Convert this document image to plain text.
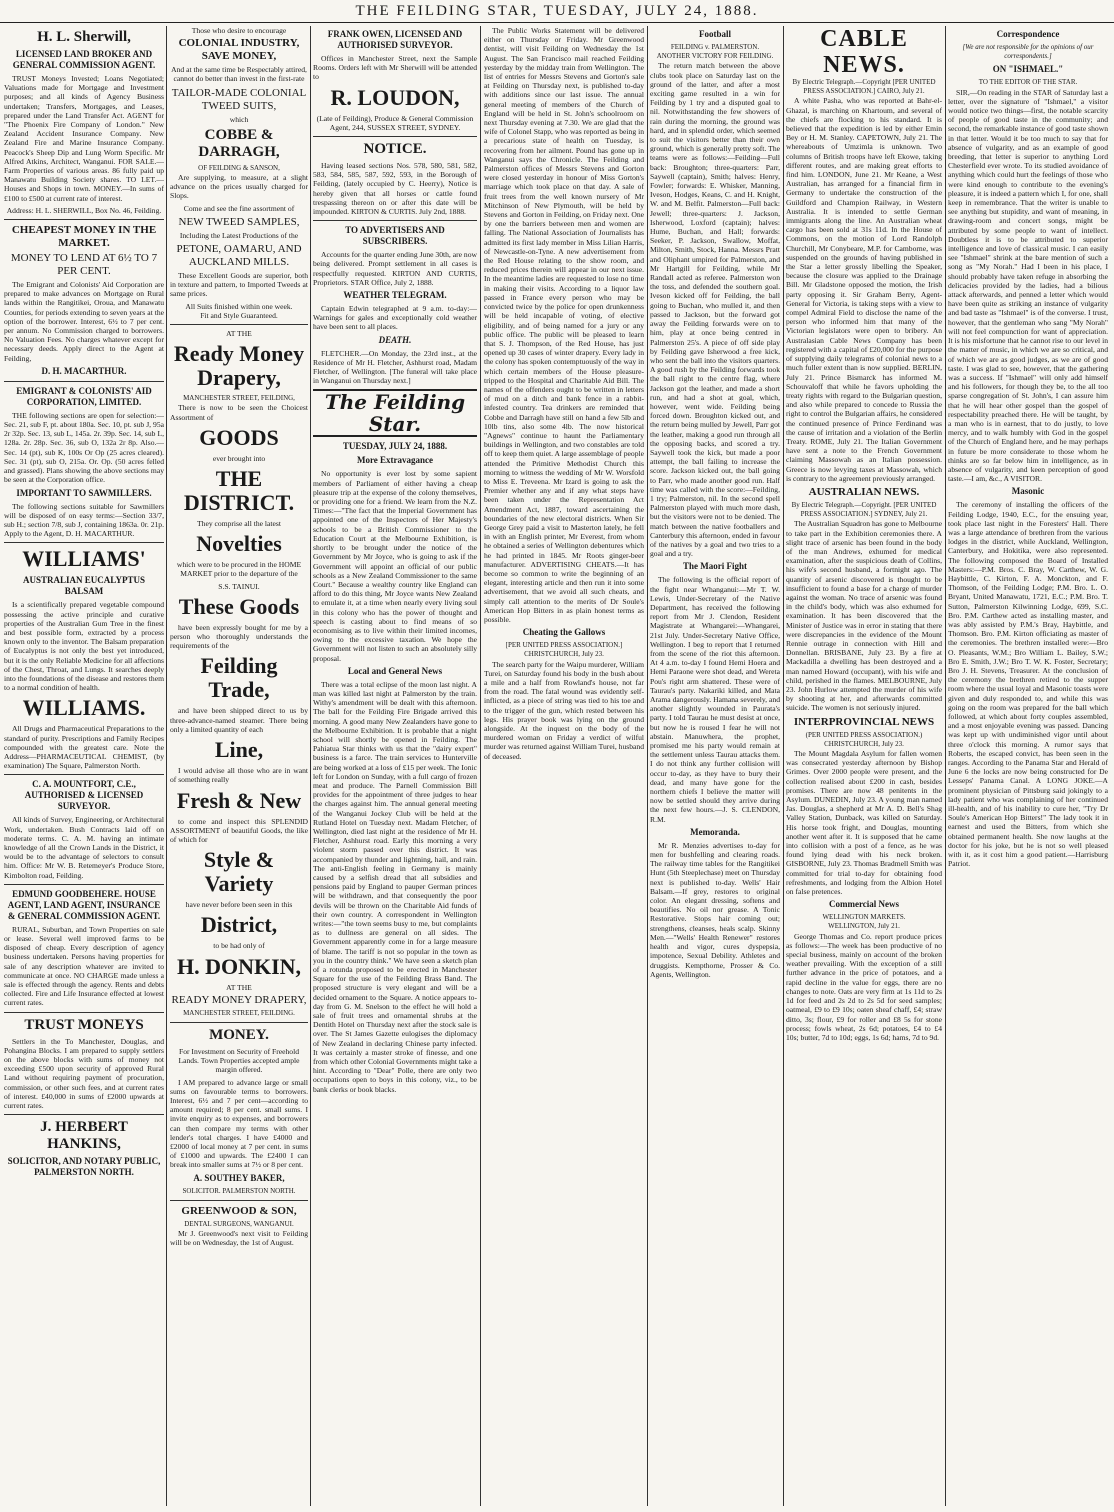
THE FEILDING STAR, TUESDAY, JULY 24, 1888.
H. L. Sherwill,
LICENSED LAND BROKER AND GENERAL COMMISSION AGENT.

TRUST Moneys Invested; Loans Negotiated; Valuations made for Mortgage and Investment purposes; and all kinds of Agency Business undertaken; Transfers, Mortgages, and Leases, prepared under the Land Transfer Act. AGENT for "The Phoenix Fire Company of London." New Zealand Accident Insurance Company. New Zealand Fire and Marine Insurance Company. Peacock's Sheep Dip and Lung Worm Specific. Mr Alfred Atkins, Architect, Wanganui. FOR SALE.—Farm Properties of various areas. 86 fully paid up Manawatu Building Society shares. TO LET.—Houses and Shops in town. MONEY.—In sums of £100 to £500 at current rate of interest.

Address: H. L. SHERWILL, Box No. 46, Feilding.

CHEAPEST MONEY IN THE MARKET.
MONEY TO LEND AT 6½ TO 7 PER CENT.

The Emigrant and Colonists' Aid Corporation are prepared to make advances on Mortgage on Rural lands within the Rangitikei, Oroua, and Manawatu Counties, for periods extending to seven years at the option of the borrower. Interest, 6½ to 7 per cent. per annum. No Commission charged to borrowers. No Valuation Fees. No charges whatever except for necessary deeds. Apply direct to the Agent at Feilding,

D. H. MACARTHUR.
EMIGRANT & COLONISTS' AID CORPORATION, LIMITED.

THE following sections are open for selection:—Sec. 21, sub F, pt. about 180a. Sec. 10, pt. sub J, 95a 2r 32p. Sec. 13, sub L, 145a. 2r. 39p. Sec. 14, sub L, 128a. 2r. 28p. Sec. 36, sub O, 132a 2r 8p. Also.—Sec. 14 (pt), sub K, 100s Or Op (25 acres cleared). Sec. 31 (pt), sub O, 215a. Or. Op. (50 acres felled and grassed). Plans showing the above sections may be seen at the Corporation office.

IMPORTANT TO SAWMILLERS.

The following sections suitable for Sawmillers will be disposed of on easy terms:—Section 33/7, sub H.; section 7/8, sub J, containing 1863a. 0r. 21p. Apply to the Agent, D. H. MACARTHUR.

WILLIAMS'
AUSTRALIAN EUCALYPTUS BALSAM

Is a scientifically prepared vegetable compound possessing the active principle and curative properties of the Australian Gum Tree in the finest and best possible form, extracted by a process known only to the inventor. The Balsam preparation of Eucalyptus is not only the best yet introduced, but it is the only Reliable Medicine for all affections of the Chest, Throat, and Lungs. It searches deeply into the foundations of the disease and restores them to a normal condition of health.

WILLIAMS.

All Drugs and Pharmaceutical Preparations to the standard of purity. Prescriptions and Family Recipes compounded with the greatest care. Note the Address—PHARMACEUTICAL CHEMIST, (by examination) The Square, Palmerston North.

C. A. MOUNTFORT, C.E., AUTHORISED & LICENSED SURVEYOR.

All kinds of Survey, Engineering, or Architectural Work, undertaken. Bush Contracts laid off on moderate terms. C. A. M. having an intimate knowledge of all the Crown Lands in the District, it would be to the advantage of selectors to consult him. Office: Mr W. B. Retemeyer's Produce Store, Kimbolton road, Feilding.

EDMUND GOODBEHERE. HOUSE AGENT, LAND AGENT, INSURANCE & GENERAL COMMISSION AGENT.

RURAL, Suburban, and Town Properties on sale or lease. Several well improved farms to be disposed of cheap. Every description of agency business undertaken. Persons having properties for sale of any description whatever are invited to communicate at once. NO CHARGE made unless a sale is effected through the agency. Rents and debts collected. Fire and Life Insurance effected at lowest current rates.

TRUST MONEYS

Settlers in the To Manchester, Douglas, and Pohangina Blocks. I am prepared to supply settlers on the above blocks with sums of money not exceeding £500 upon security of approved Rural Land without requiring payment of procuration, commission, or other such fees, and at current rates of interest. £40,000 in sums of £2000 upwards at current rates.

J. HERBERT HANKINS,
SOLICITOR, AND NOTARY PUBLIC, PALMERSTON NORTH.
Those who desire to encourage
COLONIAL INDUSTRY, SAVE MONEY,

And at the same time be Respectably attired, cannot do better than invest in the first-rate

TAILOR-MADE COLONIAL TWEED SUITS,
which
COBBE & DARRAGH,
OF FEILDING & SANSON,

Are supplying, to measure, at a slight advance on the prices usually charged for Slops.

Come and see the fine assortment of

NEW TWEED SAMPLES,

Including the Latest Productions of the

PETONE, OAMARU, AND AUCKLAND MILLS.

These Excellent Goods are superior, both in texture and pattern, to Imported Tweeds at same prices.

All Suits finished within one week.
Fit and Style Guaranteed.
AT THE
Ready Money Drapery,
MANCHESTER STREET, FEILDING,

There is now to be seen the Choicest Assortment of

GOODS
ever brought into
THE DISTRICT.
They comprise all the latest
Novelties

which were to be procured in the HOME MARKET prior to the departure of the

S.S. TAINUI.
These Goods

have been expressly bought for me by a person who thoroughly understands the requirements of the

Feilding Trade,

and have been shipped direct to us by three-advance-named steamer. There being only a limited quantity of each

Line,

I would advise all those who are in want of something really

Fresh & New

to come and inspect this SPLENDID ASSORTMENT of beautiful Goods, the like of which for

Style & Variety
have never before been seen in this
District,
to be had only of
H. DONKIN,
AT THE
READY MONEY DRAPERY,
MANCHESTER STREET, FEILDING.
MONEY.

For Investment on Security of Freehold Lands. Town Properties accepted ample margin offered.

I AM prepared to advance large or small sums on favourable terms to borrowers. Interest, 6½ and 7 per cent—according to amount required; 8 per cent. small sums. I invite enquiry as to expenses, and borrowers can then compare my terms with other lender's total charges. I have £4000 and £2000 of local money at 7 per cent. in sums of £1000 and upwards. The £2400 I can break into smaller sums at 7½ or 8 per cent.

A. SOUTHEY BAKER,
SOLICITOR. PALMERSTON NORTH.
GREENWOOD & SON,
DENTAL SURGEONS, WANGANUI.

Mr J. Greenwood's next visit to Feilding will be on Wednesday, the 1st of August.

FRANK OWEN, LICENSED AND AUTHORISED SURVEYOR.

Offices in Manchester Street, next the Sample Rooms. Orders left with Mr Sherwill will be attended to

R. LOUDON,

(Late of Feilding), Produce & General Commission Agent, 244, SUSSEX STREET, SYDNEY.

NOTICE.

Having leased sections Nos. 578, 580, 581, 582, 583, 584, 585, 587, 592, 593, in the Borough of Feilding, (lately occupied by C. Heerry), Notice is hereby given that all horses or cattle found trespassing thereon on or after this date will be impounded. KIRTON & CURTIS. July 2nd, 1888.

TO ADVERTISERS AND SUBSCRIBERS.

Accounts for the quarter ending June 30th, are now being delivered. Prompt settlement in all cases is respectfully requested. KIRTON AND CURTIS, Proprietors. STAR Office, July 2, 1888.

WEATHER TELEGRAM.

Captain Edwin telegraphed at 9 a.m. to-day:—Warnings for gales and exceptionally cold weather have been sent to all places.

DEATH.

FLETCHER.—On Monday, the 23rd inst., at the Residence of Mr H. Fletcher, Ashhurst road, Madam Fletcher, of Wellington. [The funeral will take place in Wanganui on Thursday next.]

The Feilding Star.
TUESDAY, JULY 24, 1888.
More Extravagance

No opportunity is ever lost by some sapient members of Parliament of either having a cheap pleasure trip at the expense of the colony themselves, or providing one for a friend. We learn from the N.Z. Times:—"The fact that the Imperial Government has appointed one of the Inspectors of Her Majesty's schools to be a British Commissioner to the Education Court at the Melbourne Exhibition, is shortly to be brought under the notice of the Government by Mr Joyce, who is going to ask if the Government will appoint an official of our public schools as a New Zealand Commissioner to the same Court." Because a wealthy country like England can afford to do this thing, Mr Joyce wants New Zealand to emulate it, at a time when nearly every living soul in this colony who has the power of thought and speech is casting about to find means of so economising as to live within their limited incomes, owing to the excessive taxation. We hope the Government will not listen to such an absolutely silly proposal.

Local and General News

There was a total eclipse of the moon last night. A man was killed last night at Palmerston by the train. Withy's amendment will be dealt with this afternoon. The ball for the Feilding Fire Brigade arrived this morning. A good many New Zealanders have gone to the Melbourne Exhibition. It is probable that a night school will shortly be opened in Feilding. The Pahiatua Star thinks with us that the "dairy expert" business is a farce. The train services to Hunterville are being worked at a loss of £15 per week. The Ionic left for London on Sunday, with a full cargo of frozen meat and produce. The Parnell Commission Bill provides for the appointment of three judges to hear the charges against him. The annual general meeting of the Wanganui Jockey Club will be held at the Rutland Hotel on Tuesday next. Madam Fletcher, of Wellington, died last night at the residence of Mr H. Fletcher, Ashhurst road. Early this morning a very violent storm passed over this district. It was accompanied by thunder and lightning, hail, and rain. The anti-English feeling in Germany is mainly caused by a selfish dread that all subsidies and pensions paid by England to pauper German princes will be withdrawn, and that consequently the poor devils will be thrown on the Charitable Aid funds of their own country. A correspondent in Wellington writes:—"the town seems busy to me, but complaints as to dullness are general on all sides. The Government apparently come in for a large measure of blame. The tariff is not so popular in the town as you in the country think." We have seen a sketch plan of a rotunda proposed to be erected in Manchester Square for the use of the Feilding Brass Band. The proposed structure is very elegant and will be a decided ornament to the Square. A notice appears to-day from G. M. Snelson to the effect he will hold a sale of fruit trees and ornamental shrubs at the Dentith Hotel on Thursday next after the stock sale is over. The St James Gazette eulogises the diplomacy of New Zealand in declaring Chinese party infected. It was certainly a master stroke of finesse, and one from which other Colonial Governments might take a hint. According to "Dear" Polle, there are only two occupations open to boys in this colony, viz., to be bank clerks or book blacks.

The Public Works Statement will be delivered either on Thursday or Friday. Mr Greenwood dentist, will visit Feilding on Wednesday the 1st August. The San Francisco mail reached Feilding yesterday by the midday train from Wellington. The list of entries for Messrs Stevens and Gorton's sale at Feilding on Thursday next, is published to-day with additions since our last issue. The annual general meeting of members of the Church of England will be held in St. John's schoolroom on next Thursday evening at 7.30. We are glad that the wife of Colonel Stapp, who was reported as being in a precarious state of health on Tuesday, is recovering from her ailment. Pound has gone up in Wanganui says the Chronicle. The Feilding and Palmerston offices of Messrs Stevens and Gorton were closed yesterday in honour of Miss Gorton's marriage which took place on that day. A sale of fruit trees from the well known nursery of Mr Mitchinson of New Plymouth, will be held by Stevens and Gorton in Feilding, on Friday next. One by one the barriers between men and women are falling. The National Association of Journalists has admitted its first lady member in Miss Lilian Harris, of Newcastle-on-Tyne. A new advertisement from the Red House relating to the show room, and reduced prices therein will appear in our next issue. In the meantime ladies are requested to lose no time in making their visits. According to a liquor law passed in France every person who may be convicted twice by the police for open drunkenness will be held incapable of voting, of elective eligibility, and of being named for a jury or any public office. The public will be pleased to learn that S. J. Thompson, of the Red House, has just opened up 30 cases of winter drapery. Every lady in the colony has spoken contemptuously of the way in which certain members of the House pleasure-tripped to the Hospital and Charitable Aid Bill. The names of the offenders ought to be written in letters of mud on a ditch and bank fence in a rabbit-infested country. Tea drinkers are reminded that Cobbe and Darragh have still on hand a few 5lb and 10lb tins, also some 4lb. The now historical "Agnews" continue to haunt the Parliamentary buildings in Wellington, and two constables are told off to keep them quiet. A large assemblage of people attended the Primitive Methodist Church this morning to witness the wedding of Mr W. Worsfold to Miss E. Treveena. Mr Izard is going to ask the Premier whether any and if any what steps have been taken under the Representation Act Amendment Act, 1887, toward ascertaining the boundaries of the new electoral districts. When Sir George Grey paid a visit to Masterton lately, he fell in with an English printer, Mr Everest, from whom he obtained a series of Wellington debentures which he had printed in 1845. Mr Roots ginger-beer manufacturer. ADVERTISING CHEATS.—It has become so common to write the beginning of an elegant, interesting article and then run it into some advertisement, that we avoid all such cheats, and simply call attention to the merits of Dr Soule's American Hop Bitters in as plain honest terms as possible.

Cheating the Gallows
[PER UNITED PRESS ASSOCIATION.] CHRISTCHURCH, July 23.

The search party for the Waipu murderer, William Turei, on Saturday found his body in the bush about a mile and a half from Rowland's house, not far from the road. The fatal wound was evidently self-inflicted, as a piece of string was tied to his toe and to the trigger of the gun, which rested between his legs. His prayer book was lying on the ground alongside. At the inquest on the body of the murdered woman on Friday a verdict of wilful murder was returned against William Turei, husband of deceased.

Football
FEILDING v. PALMERSTON.
ANOTHER VICTORY FOR FEILDING.

The return match between the above clubs took place on Saturday last on the ground of the latter, and after a most exciting game resulted in a win for Feilding by 1 try and a disputed goal to nil. Notwithstanding the few showers of rain during the morning, the ground was hard, and in splendid order, which seemed to suit the visitors better than their own ground, which is generally pretty soft. The teams were as follows:—Feilding—Full back: Broughton; three-quarters: Parr, Saywell (captain), Smith; halves: Henry, Fowler; forwards: E. Whisker, Manning, Iveson, Hodges, Keans, C. and H. Knight, W. and M. Belfit. Palmerston—Full back: Jewell; three-quarters: J. Jackson, Isherwood, Loxford (captain); halves: Hume, Buchan, and Hall; forwards: Seeker, P. Jackson, Swallow, Moffat, Milton, Smith, Stock, Hanna. Messrs Pratt and Oliphant umpired for Palmerston, and Mr Hartgill for Feilding, while Mr Randall acted as referee. Palmerston won the toss, and defended the southern goal. Iveson kicked off for Feilding, the ball going to Buchan, who mulled it, and then passed to Jackson, but the forward got away the Feilding forwards were on to him, play at once being centred in Palmerston 25's. A piece of off side play by Feilding gave Isherwood a free kick, who sent the ball into the visitors quarters. A good rush by the Feilding forwards took the ball right to the centre flag, where Jackson got the leather, and made a short run, and had a shot at goal, which, however, went wide. Feilding being forced down. Broughton kicked out, and the return being mulled by Jewell, Parr got the leather, making a good run through all the opposing backs, and scored a try. Saywell took the kick, but made a poor attempt, the ball failing to increase the score. Jackson kicked out, the ball going to Parr, who made another good run. Half time was called with the score:—Feilding, 1 try; Palmerston, nil. In the second spell Palmerston played with much more dash, but the visitors were not to be denied. The match between the native footballers and Canterbury this afternoon, ended in favour of the natives by a goal and two tries to a goal and a try.

The Maori Fight

The following is the official report of the fight near Whanganui:—Mr T. W. Lewis, Under-Secretary of the Native Department, has received the following report from Mr J. Clendon, Resident Magistrate at Whangarei:—Whangarei, 21st July. Under-Secretary Native Office, Wellington. I beg to report that I returned from the scene of the riot this afternoon. At 4 a.m. to-day I found Hemi Hoera and Hemi Paraone were shot dead, and Wereta Pou's right arm shattered. These were of Taurau's party. Nakariki killed, and Mata Arama dangerously. Hamana severely, and another slightly wounded in Paurata's party. I told Taurau he must desist at once, but now he is roused I fear he will not abstain. Manuwhera, the prophet, promised me his party would remain at the settlement unless Taurau attacks them. I do not think any further collision will occur to-day, as they have to bury their dead, and many have gone for the northern chiefs I believe the matter will now be settled should they arrive during the next few hours.—J. S. CLENDON, R.M.

Memoranda.

Mr R. Menzies advertises to-day for men for bushfelling and clearing roads. The railway time tables for the Rangitikei Hunt (5th Steeplechase) meet on Thursday next is published to-day. Wells' Hair Balsam.—If grey, restores to original color. An elegant dressing, softens and beautifies. No oil nor grease. A Tonic Restorative. Stops hair coming out; strengthens, cleanses, heals scalp. Skinny Men.—"Wells' Health Renewer" restores health and vigor, cures dyspepsia, impotence, Sexual Debility. Athletes and druggists. Kempthorne, Prosser & Co. Agents, Wellington.

CABLE NEWS.
By Electric Telegraph.—Copyright [PER UNITED PRESS ASSOCIATION.] CAIRO, July 21.

A white Pasha, who was reported at Bahr-el-Ghazal, is marching on Khartoum, and several of the chiefs are flocking to his standard. It is believed that the expedition is led by either Emin Bey or H. M. Stanley. CAPETOWN, July 21. The whereabouts of Umzimla is unknown. Two columns of British troops have left Ekowe, taking different routes, and are making great efforts to find him. LONDON, June 21. Mr Keane, a West Australian, has arranged for a financial firm in Germany to undertake the construction of the Guildford and Champion Railway, in Western Australia. It is intended to settle German immigrants along the line. An Australian wheat cargo has been sold at 31s 11d. In the House of Commons, on the motion of Lord Randolph Churchill, Mr Conybeare, M.P. for Camborne, was suspended on the grounds of having published in the Star a letter grossly libelling the Speaker, because the closure was applied to the Drainage Bill. Mr Gladstone opposed the motion, the Irish party opposing it. Sir Graham Berry, Agent-General for Victoria, is taking steps with a view to compel Admiral Field to disclose the name of the person who informed him that many of the Victorian legislators were open to bribery. An Australasian Cable News Company has been registered with a capital of £20,000 for the purpose of supplying daily telegrams of colonial news to a much fuller extent than is now supplied. BERLIN, July 21. Prince Bismarck has informed M. Schouvaloff that while he favors upholding the treaty rights with regard to the Bulgarian question, and also while prepared to concede to Russia the right to control the Bulgarian affairs, he considered the continued presence of Prince Ferdinand was the cause of irritation and a violation of the Berlin Treaty. ROME, July 21. The Italian Government have sent a note to the French Government claiming Massowah as an Italian possession. Greece is now levying taxes at Massowah, which is contrary to the agreement previously arranged.

AUSTRALIAN NEWS.
By Electric Telegraph.—Copyright. [PER UNITED PRESS ASSOCIATION.] SYDNEY, July 21.

The Australian Squadron has gone to Melbourne to take part in the Exhibition ceremonies there. A slight trace of arsenic has been found in the body of the man Andrews, exhumed for medical examination, after the suspicious death of Collins, his wife's second husband, a fortnight ago. The quantity of arsenic discovered is thought to be insufficient to found a base for a charge of murder against the woman. No trace of arsenic was found in the child's body, which was also exhumed for examination. It has been discovered that the Minister of Justice was in error in stating that there were discrepancies in the evidence of the Mount Rennie outrage in connection with Hill and Donnellan. BRISBANE, July 23. By a fire at Mackadilla a dwelling has been destroyed and a man named Howard (occupant), with his wife and child, perished in the flames. MELBOURNE, July 23. John Hurlow attempted the murder of his wife by shooting at her, and afterwards committed suicide. The women is not seriously injured.

INTERPROVINCIAL NEWS
(PER UNITED PRESS ASSOCIATION.) CHRISTCHURCH, July 23.

The Mount Magdala Asylum for fallen women was consecrated yesterday afternoon by Bishop Grimes. Over 2000 people were present, and the collection realised about £200 in cash, besides promises. There are now 48 penitents in the Asylum. DUNEDIN, July 23. A young man named Jas. Douglas, a shepherd at Mr A. D. Bell's Shag Valley Station, Dunback, was killed on Saturday. His horse took fright, and Douglas, mounting another went after it. It is supposed that he came into collision with a post of a fence, as he was found lying dead with his neck broken. GISBORNE, July 23. Thomas Bradmell Smith was committed for trial to-day for obtaining food refreshments, and lodging from the Albion Hotel on false pretences.

Commercial News
WELLINGTON MARKETS.
WELLINGTON, July 21.

George Thomas and Co. report produce prices as follows:—The week has been productive of no special business, mainly on account of the broken weather prevailing. With the exception of a still further advance in the price of potatoes, and a rapid decline in the value for eggs, there are no changes to note. Oats are very firm at 1s 11d to 2s 1d for feed and 2s 2d to 2s 5d for seed samples; oatmeal, £9 to £9 10s; oaten sheaf chaff, £4; straw ditto, 3s; flour, £9 for roller and £8 5s for stone process; fowls wheat, 2s 6d; potatoes, £4 to £4 10s; butter, 7d to 10d; eggs, 1s 6d; hams, 7d to 9d.

Correspondence
[We are not responsible for the opinions of our correspondents.]
ON "ISHMAEL."
TO THE EDITOR OF THE STAR.

SIR,—On reading in the STAR of Saturday last a letter, over the signature of "Ishmael," a visitor would notice two things—first, the notable scarcity of people of good taste in the community; and second, the remarkable instance of good taste shown in that letter. Would it be too much to say that for absence of vulgarity, and as an example of good breeding, that letter is superior to anything Lord Chesterfield ever wrote. To its studied avoidance of anything which could hurt the feelings of those who were kind enough to contribute to the evening's pleasure, it is indeed a pattern which I, for one, shall keep in remembrance. That the writer is unable to see anything but stupidity, and want of meaning, in drawing-room and concert songs, might be attributed by some people to want of intellect. Doubtless it is to be attributed to superior intelligence and love of classical music. I can easily see "Ishmael" shrink at the bare mention of such a song as "My Norah." Had I been in his place, I should probably have taken refuge in absorbing the delicacies provided by the ladies, had a bilious attack afterwards, and penned a letter which would have been quite as striking an instance of vulgarity and bad taste as "Ishmael" is of the converse. I trust, however, that the gentleman who sang "My Norah" will not feel compunction for want of appreciation. It is his misfortune that he cannot rise to our level in the matter of music, in which we are so critical, and of which we are as good judges, as we are of good taste. I was glad to see, however, that the gathering was a success. If "Ishmael" will only add himself and his followers, for though they be, to the all too sparse congregation of St. John's, I can assure him that he will hear other gospel than the gospel of respectability preached there. He will be taught, by a man who is in earnest, that to do justly, to love mercy, and to walk humbly with God in the gospel of the Church of England here, and he may perhaps in future be more considerate to those whom he thinks are so far below him in intelligence, as in absence of vulgarity, and keen perception of good taste.—I am, &c., A VISITOR.

Masonic

The ceremony of installing the officers of the Feilding Lodge, 1940, E.C., for the ensuing year, took place last night in the Foresters' Hall. There was a large attendance of brethren from the various lodges in the district, while Auckland, Wellington, Canterbury, and Hokitika, were also represented. The following composed the Board of Installed Masters:—P.M. Bros. C. Bray, W. Carthew, W. G. Haybittle, C. Kirton, F. A. Monckton, and F. Thomson, of the Feilding Lodge; P.M. Bro. L. O. Bryant, United Manawatu, 1721, E.C.; P.M. Bro. T. Sutton, Palmerston Kilwinning Lodge, 699, S.C. Bro. P.M. Carthew acted as installing master, and was ably assisted by P.M.'s Bray, Haybittle, and Thomson. Bro. P.M. Kirton officiating as master of the ceremonies. The brethren installed were:—Bro O. Pleasants, W.M.; Bro William L. Bailey, S.W.; Bro E. Smith, J.W.; Bro T. W. K. Foster, Secretary; Bro J. H. Stevens, Treasurer. At the conclusion of the ceremony the brethren retired to the supper room where the usual loyal and Masonic toasts were given and duly responded to, and while this was going on the room was prepared for the ball which followed, at which about forty couples assembled, and a most enjoyable evening was passed. Dancing was kept up with undiminished vigor until about three o'clock this morning. A rumor says that Roberts, the escaped convict, has been seen in the ranges. According to the Panama Star and Herald of June 6 the locks are now being constructed for De Lesseps' Panama Canal. A LONG JOKE.—A prominent physician of Pittsburg said jokingly to a lady patient who was complaining of her continued ill-health, and of his inability to cure her, "Try Dr Soule's American Hop Bitters!" The lady took it in earnest and used the Bitters, from which she obtained permanent health. She now laughs at the doctor for his joke, but he is not so well pleased with it, as it cost him a good patient.—Harrisburg Patriot.
